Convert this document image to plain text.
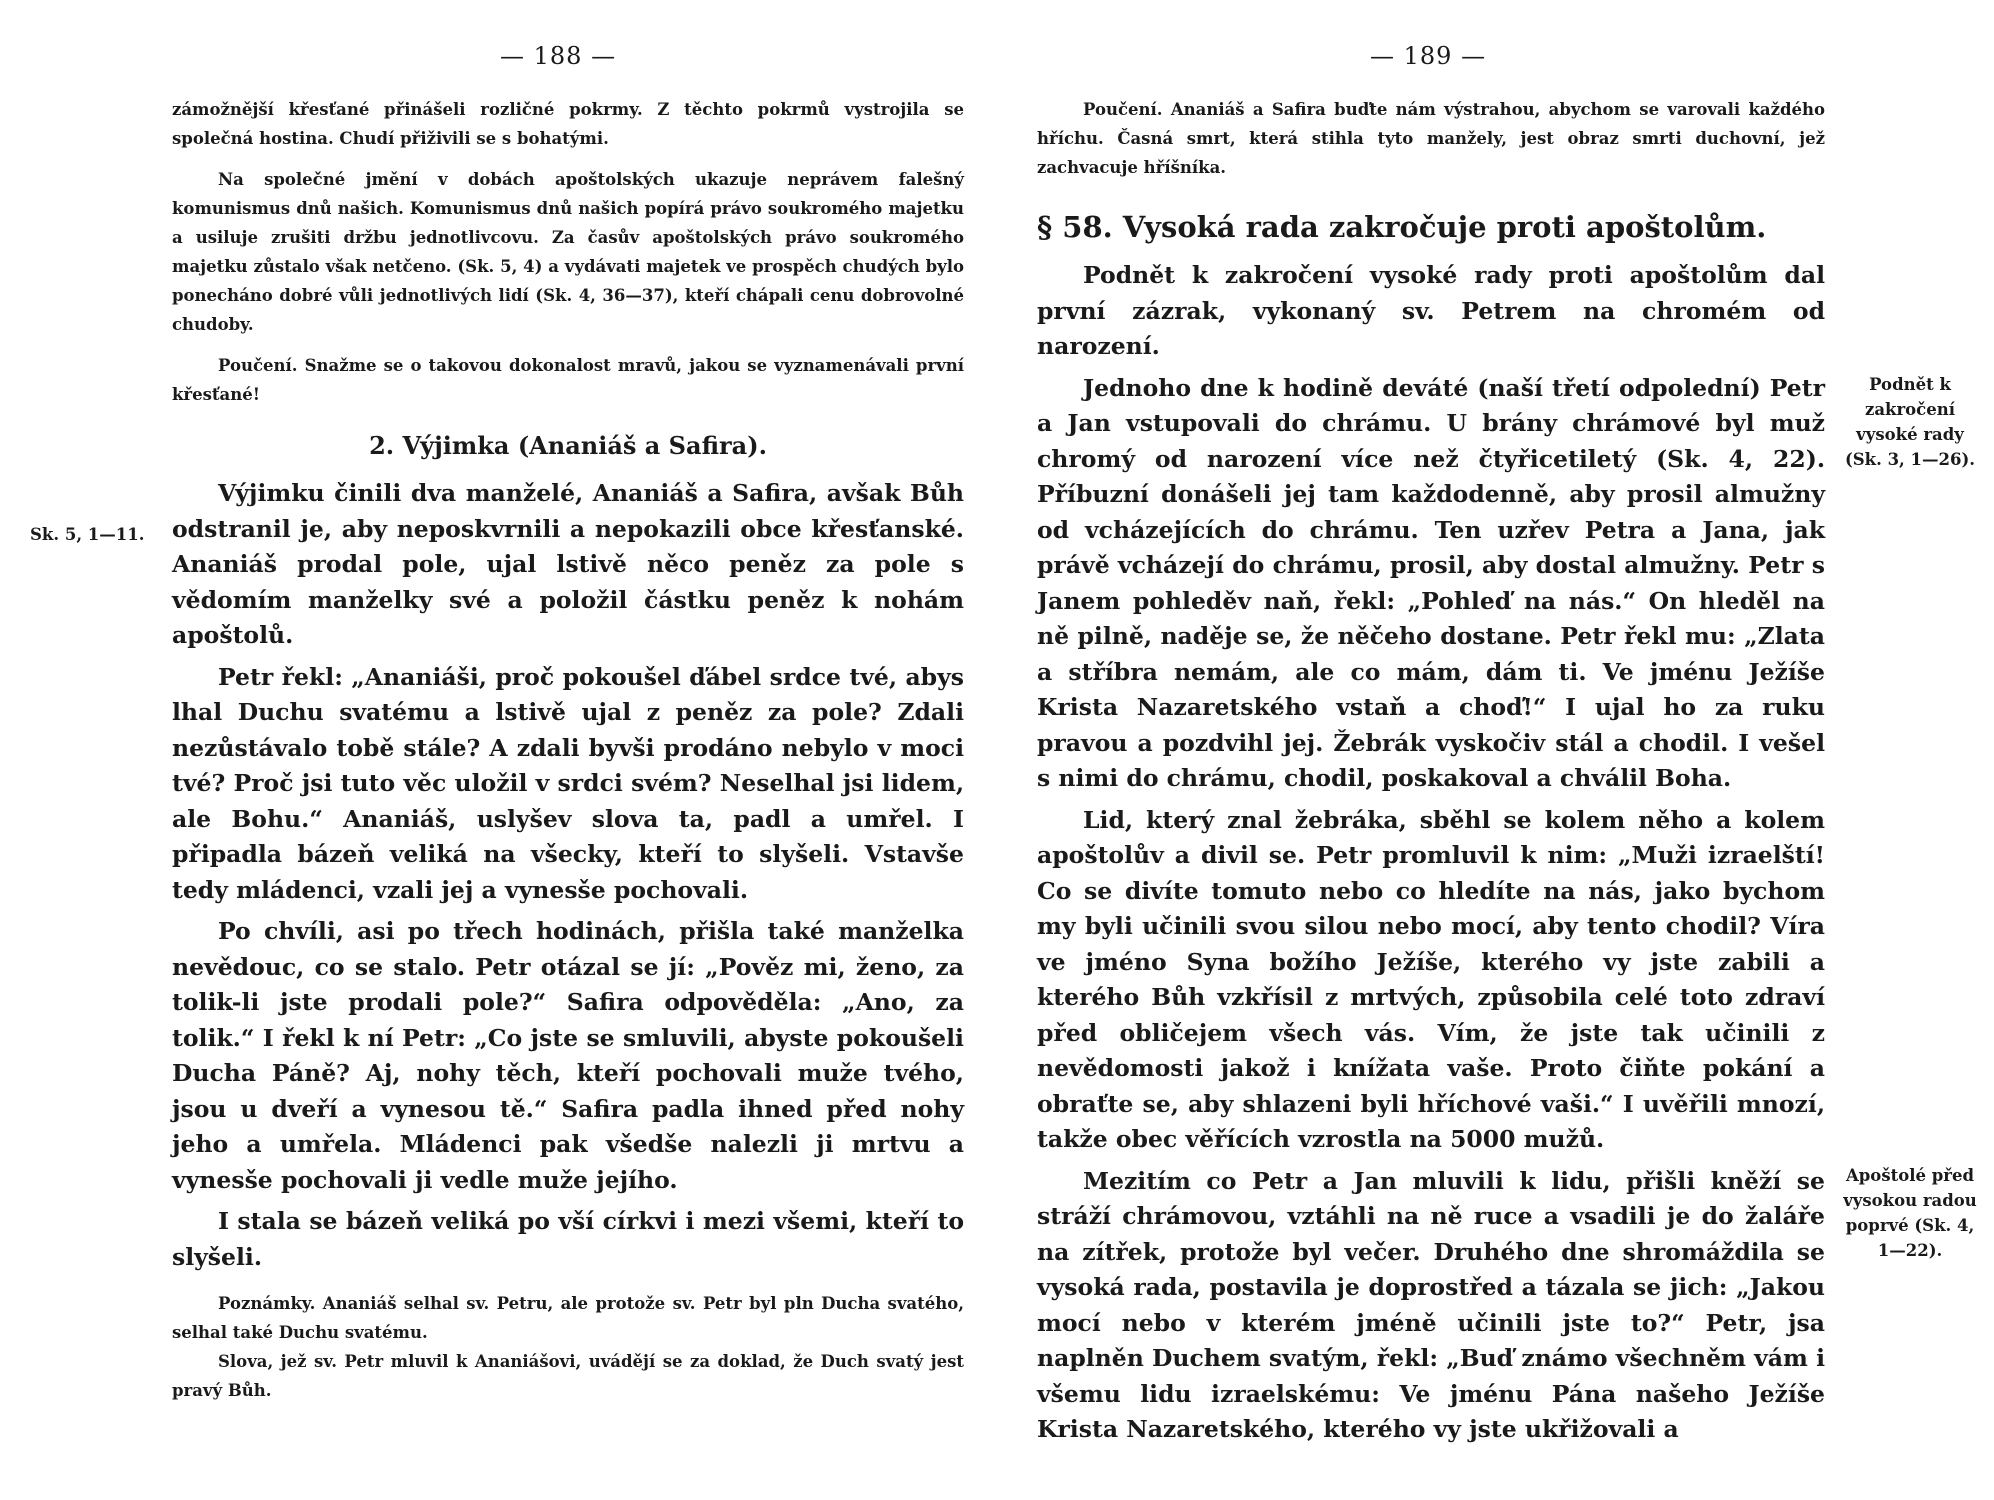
— 188 —

zámožnější křesťané přinášeli rozličné pokrmy. Z těchto pokrmů vystrojila se společná hostina. Chudí přiživili se s bohatými.

Na společné jmění v dobách apoštolských ukazuje neprávem falešný komunismus dnů našich. Komunismus dnů našich popírá právo soukromého majetku a usiluje zrušiti držbu jednotlivcovu. Za časův apoštolských právo soukromého majetku zůstalo však netčeno. (Sk. 5, 4) a vydávati majetek ve prospěch chudých bylo ponecháno dobré vůli jednotlivých lidí (Sk. 4, 36—37), kteří chápali cenu dobrovolné chudoby.

Poučení. Snažme se o takovou dokonalost mravů, jakou se vyznamenávali první křesťané!

2. Výjimka (Ananiáš a Safira).

Výjimku činili dva manželé, Ananiáš a Safira, avšak Bůh odstranil je, aby neposkvrnili a nepokazili obce křesťanské. Ananiáš prodal pole, ujal lstivě něco peněz za pole s vědomím manželky své a položil částku peněz k nohám apoštolů.

Petr řekl: „Ananiáši, proč pokoušel ďábel srdce tvé, abys lhal Duchu svatému a lstivě ujal z peněz za pole? Zdali nezůstávalo tobě stále? A zdali byvši prodáno nebylo v moci tvé? Proč jsi tuto věc uložil v srdci svém? Neselhal jsi lidem, ale Bohu.“ Ananiáš, uslyšev slova ta, padl a umřel. I připadla bázeň veliká na všecky, kteří to slyšeli. Vstavše tedy mládenci, vzali jej a vynesše pochovali.

Po chvíli, asi po třech hodinách, přišla také manželka nevědouc, co se stalo. Petr otázal se jí: „Pověz mi, ženo, za tolik-li jste prodali pole?“ Safira odpověděla: „Ano, za tolik.“ I řekl k ní Petr: „Co jste se smluvili, abyste pokoušeli Ducha Páně? Aj, nohy těch, kteří pochovali muže tvého, jsou u dveří a vynesou tě.“ Safira padla ihned před nohy jeho a umřela. Mládenci pak všedše nalezli ji mrtvu a vynesše pochovali ji vedle muže jejího.

I stala se bázeň veliká po vší církvi i mezi všemi, kteří to slyšeli.

Poznámky. Ananiáš selhal sv. Petru, ale protože sv. Petr byl pln Ducha svatého, selhal také Duchu svatému.

Slova, jež sv. Petr mluvil k Ananiášovi, uvádějí se za doklad, že Duch svatý jest pravý Bůh.

Sk. 5, 1—11.
— 189 —

Poučení. Ananiáš a Safira buďte nám výstrahou, abychom se varovali každého hříchu. Časná smrt, která stihla tyto manžely, jest obraz smrti duchovní, jež zachvacuje hříšníka.

§ 58. Vysoká rada zakročuje proti apoštolům.

Podnět k zakročení vysoké rady proti apoštolům dal první zázrak, vykonaný sv. Petrem na chromém od narození.

Jednoho dne k hodině deváté (naší třetí odpolední) Petr a Jan vstupovali do chrámu. U brány chrámové byl muž chromý od narození více než čtyřicetiletý (Sk. 4, 22). Příbuzní donášeli jej tam každodenně, aby prosil almužny od vcházejících do chrámu. Ten uzřev Petra a Jana, jak právě vcházejí do chrámu, prosil, aby dostal almužny. Petr s Janem pohleděv naň, řekl: „Pohleď na nás.“ On hleděl na ně pilně, naděje se, že něčeho dostane. Petr řekl mu: „Zlata a stříbra nemám, ale co mám, dám ti. Ve jménu Ježíše Krista Nazaretského vstaň a choď!“ I ujal ho za ruku pravou a pozdvihl jej. Žebrák vyskočiv stál a chodil. I vešel s nimi do chrámu, chodil, poskakoval a chválil Boha.

Lid, který znal žebráka, sběhl se kolem něho a kolem apoštolův a divil se. Petr promluvil k nim: „Muži izraelští! Co se divíte tomuto nebo co hledíte na nás, jako bychom my byli učinili svou silou nebo mocí, aby tento chodil? Víra ve jméno Syna božího Ježíše, kterého vy jste zabili a kterého Bůh vzkřísil z mrtvých, způsobila celé toto zdraví před obličejem všech vás. Vím, že jste tak učinili z nevědomosti jakož i knížata vaše. Proto čiňte pokání a obraťte se, aby shlazeni byli hříchové vaši.“ I uvěřili mnozí, takže obec věřících vzrostla na 5000 mužů.

Mezitím co Petr a Jan mluvili k lidu, přišli kněží se stráží chrámovou, vztáhli na ně ruce a vsadili je do žaláře na zítřek, protože byl večer. Druhého dne shromáždila se vysoká rada, postavila je doprostřed a tázala se jich: „Jakou mocí nebo v kterém jméně učinili jste to?“ Petr, jsa naplněn Duchem svatým, řekl: „Buď známo všechněm vám i všemu lidu izraelskému: Ve jménu Pána našeho Ježíše Krista Nazaretského, kterého vy jste ukřižovali a

Podnět k zakročení vysoké rady (Sk. 3, 1—26).
Apoštolé před vysokou radou poprvé (Sk. 4, 1—22).
